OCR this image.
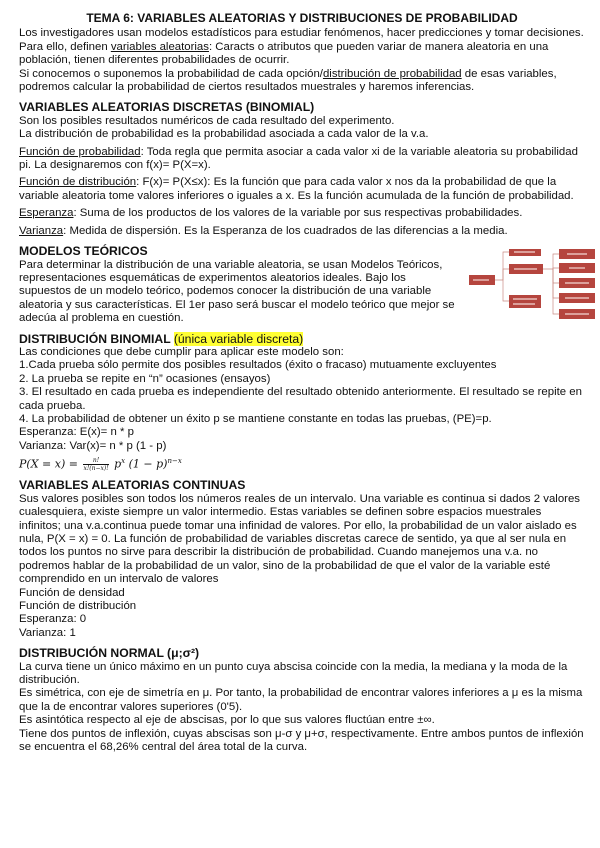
TEMA 6: VARIABLES ALEATORIAS Y DISTRIBUCIONES DE PROBABILIDAD

Los investigadores usan modelos estadísticos para estudiar fenómenos, hacer predicciones y tomar decisiones. Para ello, definen variables aleatorias: Caracts o atributos que pueden variar de manera aleatoria en una población, tienen diferentes probabilidades de ocurrir.

Si conocemos o suponemos la probabilidad de cada opción/distribución de probabilidad de esas variables, podremos calcular la probabilidad de ciertos resultados muestrales y haremos inferencias.

VARIABLES ALEATORIAS DISCRETAS (BINOMIAL)

Son los posibles resultados numéricos de cada resultado del experimento.

La distribución de probabilidad es la probabilidad asociada a cada valor de la v.a.

Función de probabilidad: Toda regla que permita asociar a cada valor xi de la variable aleatoria su probabilidad pi. La designaremos con f(x)= P(X=x).

Función de distribución: F(x)= P(X≤x): Es la función que para cada valor x nos da la probabilidad de que la variable aleatoria tome valores inferiores o iguales a x. Es la función acumulada de la función de probabilidad.

Esperanza: Suma de los productos de los valores de la variable por sus respectivas probabilidades.

Varianza: Medida de dispersión. Es la Esperanza de los cuadrados de las diferencias a la media.

MODELOS TEÓRICOS

Para determinar la distribución de una variable aleatoria, se usan Modelos Teóricos, representaciones esquemáticas de experimentos aleatorios ideales. Bajo los supuestos de un modelo teórico, podemos conocer la distribución de una variable aleatoria y sus características. El 1er paso será buscar el modelo teórico que mejor se adecúa al problema en cuestión.

DISTRIBUCIÓN BINOMIAL (única variable discreta)

Las condiciones que debe cumplir para aplicar este modelo son:

1.Cada prueba sólo permite dos posibles resultados (éxito o fracaso) mutuamente excluyentes

2. La prueba se repite en “n” ocasiones (ensayos)

3. El resultado en cada prueba es independiente del resultado obtenido anteriormente. El resultado se repite en cada prueba.

4. La probabilidad de obtener un éxito p se mantiene constante en todas las pruebas, (PE)=p.

Esperanza: E(x)= n * p

Varianza: Var(x)= n * p (1 - p)

$P(X = x) = \frac{n!}{x!(n-x)!} p^x$ $(1 - p)^{n-x}$

VARIABLES ALEATORIAS CONTINUAS

Sus valores posibles son todos los números reales de un intervalo. Una variable es continua si dados 2 valores cualesquiera, existe siempre un valor intermedio. Estas variables se definen sobre espacios muestrales infinitos; una v.a.continua puede tomar una infinidad de valores. Por ello, la probabilidad de un valor aislado es nula, P(X = x) = 0. La función de probabilidad de variables discretas carece de sentido, ya que al ser nula en todos los puntos no sirve para describir la distribución de probabilidad. Cuando manejemos una v.a. no podremos hablar de la probabilidad de un valor, sino de la probabilidad de que el valor de la variable esté comprendido en un intervalo de valores

Función de densidad

Función de distribución

Esperanza: 0

Varianza: 1

DISTRIBUCIÓN NORMAL (μ;σ²)

La curva tiene un único máximo en un punto cuya abscisa coincide con la media, la mediana y la moda de la distribución.

Es simétrica, con eje de simetría en μ. Por tanto, la probabilidad de encontrar valores inferiores a μ es la misma que la de encontrar valores superiores (0'5).

Es asintótica respecto al eje de abscisas, por lo que sus valores fluctúan entre ±∞.

Tiene dos puntos de inflexión, cuyas abscisas son μ-σ y μ+σ, respectivamente. Entre ambos puntos de inflexión se encuentra el 68,26% central del área total de la curva.
